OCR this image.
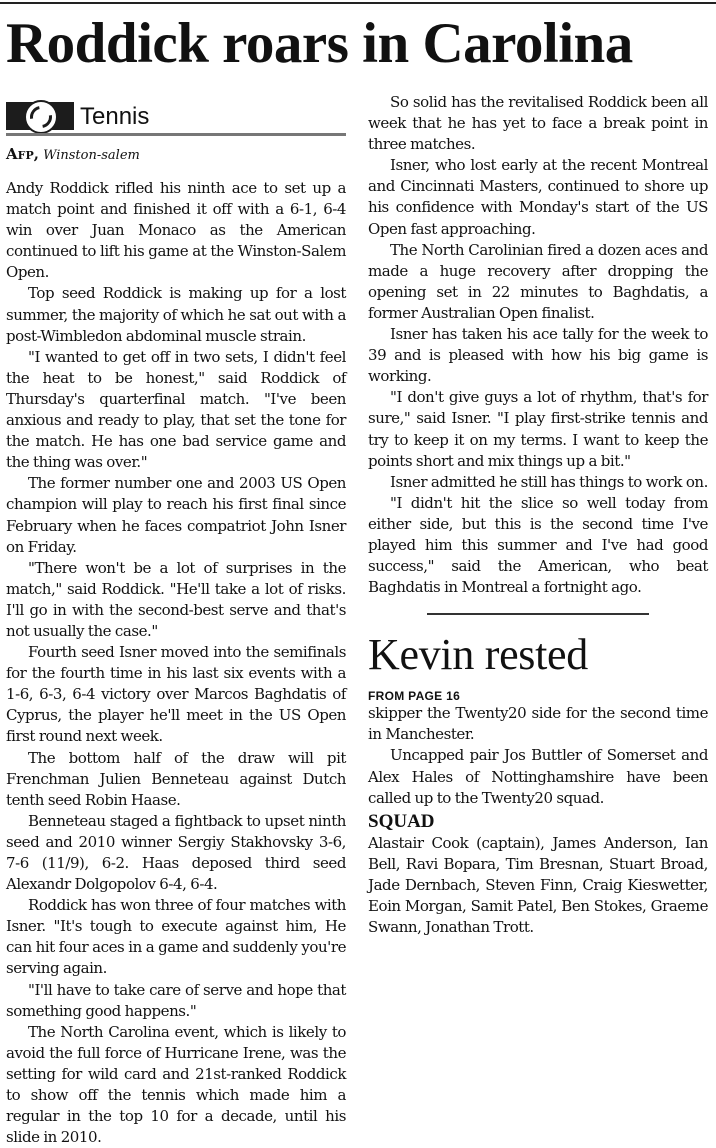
Roddick roars in Carolina
Tennis
Afp, Winston-salem

Andy Roddick rifled his ninth ace to set up a match point and finished it off with a 6-1, 6-4 win over Juan Monaco as the American continued to lift his game at the Winston-Salem Open.

Top seed Roddick is making up for a lost summer, the majority of which he sat out with a post-Wimbledon abdominal muscle strain.

"I wanted to get off in two sets, I didn't feel the heat to be honest," said Roddick of Thursday's quarterfinal match. "I've been anxious and ready to play, that set the tone for the match. He has one bad service game and the thing was over."

The former number one and 2003 US Open champion will play to reach his first final since February when he faces compatriot John Isner on Friday.

"There won't be a lot of surprises in the match," said Roddick. "He'll take a lot of risks. I'll go in with the second-best serve and that's not usually the case."

Fourth seed Isner moved into the semifinals for the fourth time in his last six events with a 1-6, 6-3, 6-4 victory over Marcos Baghdatis of Cyprus, the player he'll meet in the US Open first round next week.

The bottom half of the draw will pit Frenchman Julien Benneteau against Dutch tenth seed Robin Haase.

Benneteau staged a fightback to upset ninth seed and 2010 winner Sergiy Stakhovsky 3-6, 7-6 (11/9), 6-2. Haas deposed third seed Alexandr Dolgopolov 6-4, 6-4.

Roddick has won three of four matches with Isner. "It's tough to execute against him, He can hit four aces in a game and suddenly you're serving again.

"I'll have to take care of serve and hope that something good happens."

The North Carolina event, which is likely to avoid the full force of Hurricane Irene, was the setting for wild card and 21st-ranked Roddick to show off the tennis which made him a regular in the top 10 for a decade, until his slide in 2010.

So solid has the revitalised Roddick been all week that he has yet to face a break point in three matches.

Isner, who lost early at the recent Montreal and Cincinnati Masters, continued to shore up his confidence with Monday's start of the US Open fast approaching.

The North Carolinian fired a dozen aces and made a huge recovery after dropping the opening set in 22 minutes to Baghdatis, a former Australian Open finalist.

Isner has taken his ace tally for the week to 39 and is pleased with how his big game is working.

"I don't give guys a lot of rhythm, that's for sure," said Isner. "I play first-strike tennis and try to keep it on my terms. I want to keep the points short and mix things up a bit."

Isner admitted he still has things to work on.

"I didn't hit the slice so well today from either side, but this is the second time I've played him this summer and I've had good success," said the American, who beat Baghdatis in Montreal a fortnight ago.

Kevin rested
FROM PAGE 16

skipper the Twenty20 side for the second time in Manchester.

Uncapped pair Jos Buttler of Somerset and Alex Hales of Nottinghamshire have been called up to the Twenty20 squad.

SQUAD

Alastair Cook (captain), James Anderson, Ian Bell, Ravi Bopara, Tim Bresnan, Stuart Broad, Jade Dernbach, Steven Finn, Craig Kieswetter, Eoin Morgan, Samit Patel, Ben Stokes, Graeme Swann, Jonathan Trott.
